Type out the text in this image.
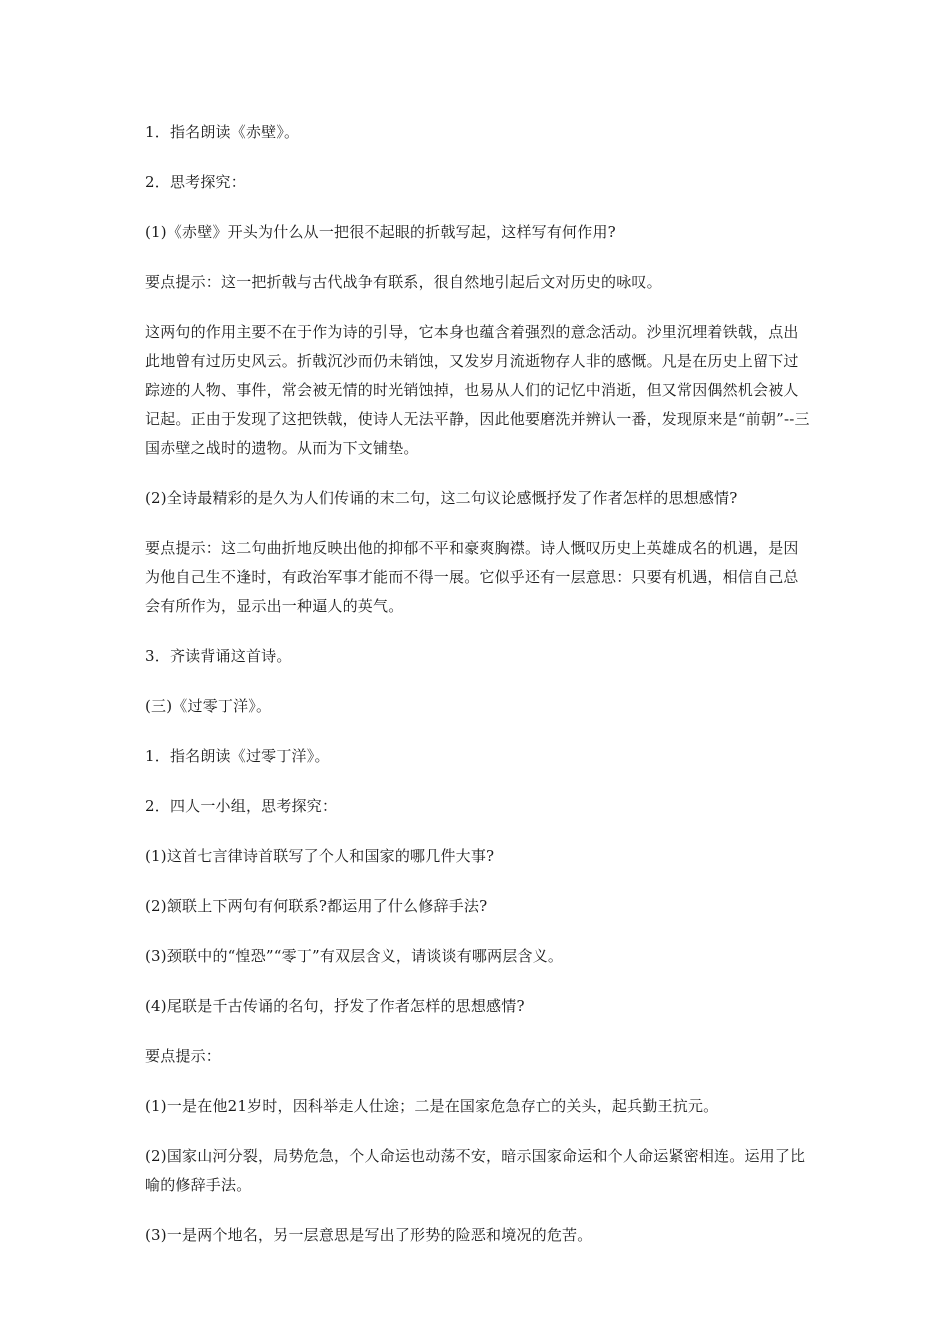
1．指名朗读《赤壁》。

2．思考探究：

(1)《赤壁》开头为什么从一把很不起眼的折戟写起，这样写有何作用?

要点提示：这一把折戟与古代战争有联系，很自然地引起后文对历史的咏叹。

这两句的作用主要不在于作为诗的引导，它本身也蕴含着强烈的意念活动。沙里沉埋着铁戟，点出此地曾有过历史风云。折戟沉沙而仍未销蚀，又发岁月流逝物存人非的感慨。凡是在历史上留下过踪迹的人物、事件，常会被无情的时光销蚀掉，也易从人们的记忆中消逝，但又常因偶然机会被人记起。正由于发现了这把铁戟，使诗人无法平静，因此他要磨洗并辨认一番，发现原来是“前朝”--三国赤壁之战时的遗物。从而为下文铺垫。

(2)全诗最精彩的是久为人们传诵的末二句，这二句议论感慨抒发了作者怎样的思想感情?

要点提示：这二句曲折地反映出他的抑郁不平和豪爽胸襟。诗人慨叹历史上英雄成名的机遇，是因为他自己生不逢时，有政治军事才能而不得一展。它似乎还有一层意思：只要有机遇，相信自己总会有所作为，显示出一种逼人的英气。

3．齐读背诵这首诗。

(三)《过零丁洋》。

1．指名朗读《过零丁洋》。

2．四人一小组，思考探究：

(1)这首七言律诗首联写了个人和国家的哪几件大事?

(2)颔联上下两句有何联系?都运用了什么修辞手法?

(3)颈联中的“惶恐”“零丁”有双层含义，请谈谈有哪两层含义。

(4)尾联是千古传诵的名句，抒发了作者怎样的思想感情?

要点提示：

(1)一是在他21岁时，因科举走人仕途；二是在国家危急存亡的关头，起兵勤王抗元。

(2)国家山河分裂，局势危急，个人命运也动荡不安，暗示国家命运和个人命运紧密相连。运用了比喻的修辞手法。

(3)一是两个地名，另一层意思是写出了形势的险恶和境况的危苦。
